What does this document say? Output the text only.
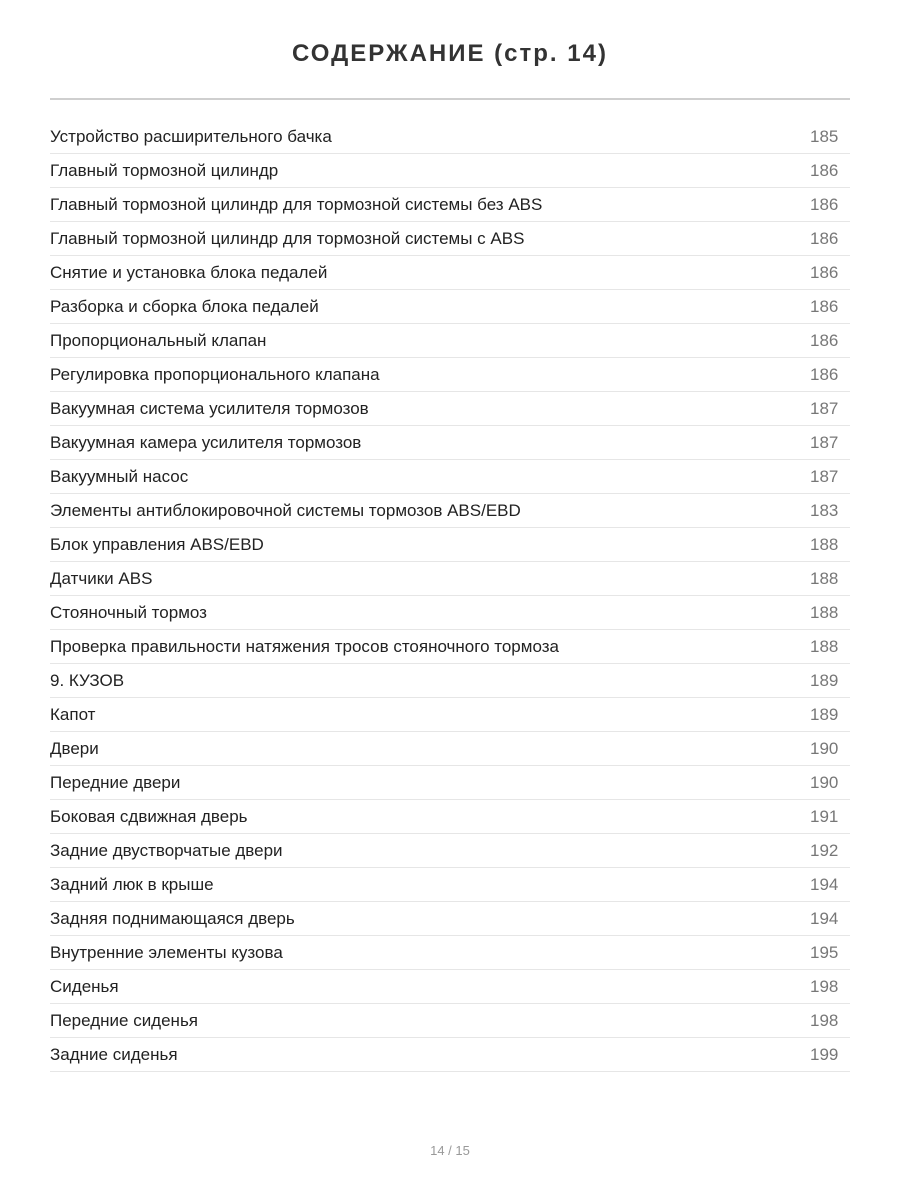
СОДЕРЖАНИЕ (стр. 14)
Устройство расширительного бачка	185
Главный тормозной цилиндр	186
Главный тормозной цилиндр для тормозной системы без ABS	186
Главный тормозной цилиндр для тормозной системы с ABS	186
Снятие и установка блока педалей	186
Разборка и сборка блока педалей	186
Пропорциональный клапан	186
Регулировка пропорционального клапана	186
Вакуумная система усилителя тормозов	187
Вакуумная камера усилителя тормозов	187
Вакуумный насос	187
Элементы антиблокировочной системы тормозов ABS/EBD	183
Блок управления ABS/EBD	188
Датчики ABS	188
Стояночный тормоз	188
Проверка правильности натяжения тросов стояночного тормоза	188
9. КУЗОВ	189
Капот	189
Двери	190
Передние двери	190
Боковая сдвижная дверь	191
Задние двустворчатые двери	192
Задний люк в крыше	194
Задняя поднимающаяся дверь	194
Внутренние элементы кузова	195
Сиденья	198
Передние сиденья	198
Задние сиденья	199
14 / 15
